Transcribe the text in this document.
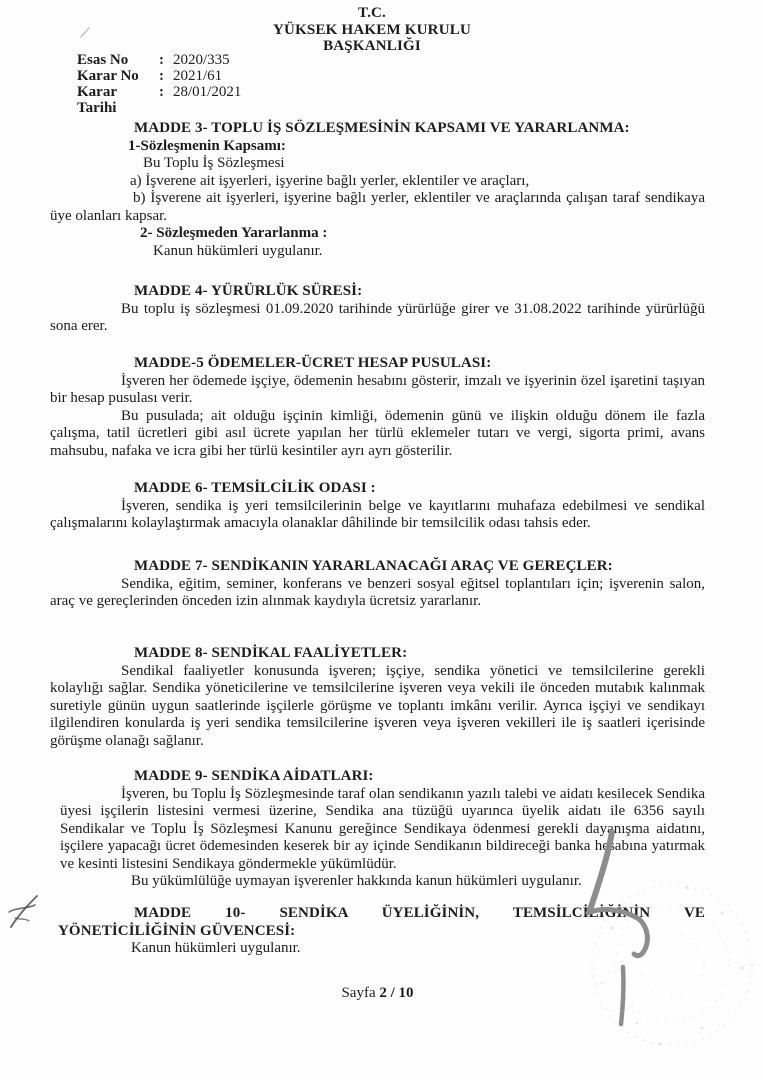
T.C.
YÜKSEK HAKEM KURULU
BAŞKANLIĞI
Esas No	: 2020/335
Karar No	: 2021/61
Karar Tarihi
: 28/01/2021
MADDE 3- TOPLU İŞ SÖZLEŞMESİNİN KAPSAMI VE YARARLANMA:

1-Sözleşmenin Kapsamı:

Bu Toplu İş Sözleşmesi

a) İşverene ait işyerleri, işyerine bağlı yerler, eklentiler ve araçları,

b) İşverene ait işyerleri, işyerine bağlı yerler, eklentiler ve araçlarında çalışan taraf sendikaya üye olanları kapsar.

2- Sözleşmeden Yararlanma :

Kanun hükümleri uygulanır.

MADDE 4- YÜRÜRLÜK SÜRESİ:

Bu toplu iş sözleşmesi 01.09.2020 tarihinde yürürlüğe girer ve 31.08.2022 tarihinde yürürlüğü sona erer.

MADDE-5 ÖDEMELER-ÜCRET HESAP PUSULASI:

İşveren her ödemede işçiye, ödemenin hesabını gösterir, imzalı ve işyerinin özel işaretini taşıyan bir hesap pusulası verir.

Bu pusulada; ait olduğu işçinin kimliği, ödemenin günü ve ilişkin olduğu dönem ile fazla çalışma, tatil ücretleri gibi asıl ücrete yapılan her türlü eklemeler tutarı ve vergi, sigorta primi, avans mahsubu, nafaka ve icra gibi her türlü kesintiler ayrı ayrı gösterilir.

MADDE 6- TEMSİLCİLİK ODASI :

İşveren, sendika iş yeri temsilcilerinin belge ve kayıtlarını muhafaza edebilmesi ve sendikal çalışmalarını kolaylaştırmak amacıyla olanaklar dâhilinde bir temsilcilik odası tahsis eder.

MADDE 7- SENDİKANIN YARARLANACAĞI ARAÇ VE GEREÇLER:

Sendika, eğitim, seminer, konferans ve benzeri sosyal eğitsel toplantıları için; işverenin salon, araç ve gereçlerinden önceden izin alınmak kaydıyla ücretsiz yararlanır.

MADDE 8- SENDİKAL FAALİYETLER:

Sendikal faaliyetler konusunda işveren; işçiye, sendika yönetici ve temsilcilerine gerekli kolaylığı sağlar. Sendika yöneticilerine ve temsilcilerine işveren veya vekili ile önceden mutabık kalınmak suretiyle günün uygun saatlerinde işçilerle görüşme ve toplantı imkânı verilir. Ayrıca işçiyi ve sendikayı ilgilendiren konularda iş yeri sendika temsilcilerine işveren veya işveren vekilleri ile iş saatleri içerisinde görüşme olanağı sağlanır.

MADDE 9- SENDİKA AİDATLARI:

İşveren, bu Toplu İş Sözleşmesinde taraf olan sendikanın yazılı talebi ve aidatı kesilecek Sendika üyesi işçilerin listesini vermesi üzerine, Sendika ana tüzüğü uyarınca üyelik aidatı ile 6356 sayılı Sendikalar ve Toplu İş Sözleşmesi Kanunu gereğince Sendikaya ödenmesi gerekli dayanışma aidatını, işçilere yapacağı ücret ödemesinden keserek bir ay içinde Sendikanın bildireceği banka hesabına yatırmak ve kesinti listesini Sendikaya göndermekle yükümlüdür.

Bu yükümlülüğe uymayan işverenler hakkında kanun hükümleri uygulanır.

MADDE 10- SENDİKA ÜYELİĞİNİN, TEMSİLCİLİĞİNİN VE
YÖNETİCİLİĞİNİN GÜVENCESİ:

Kanun hükümleri uygulanır.

Sayfa 2 / 10
